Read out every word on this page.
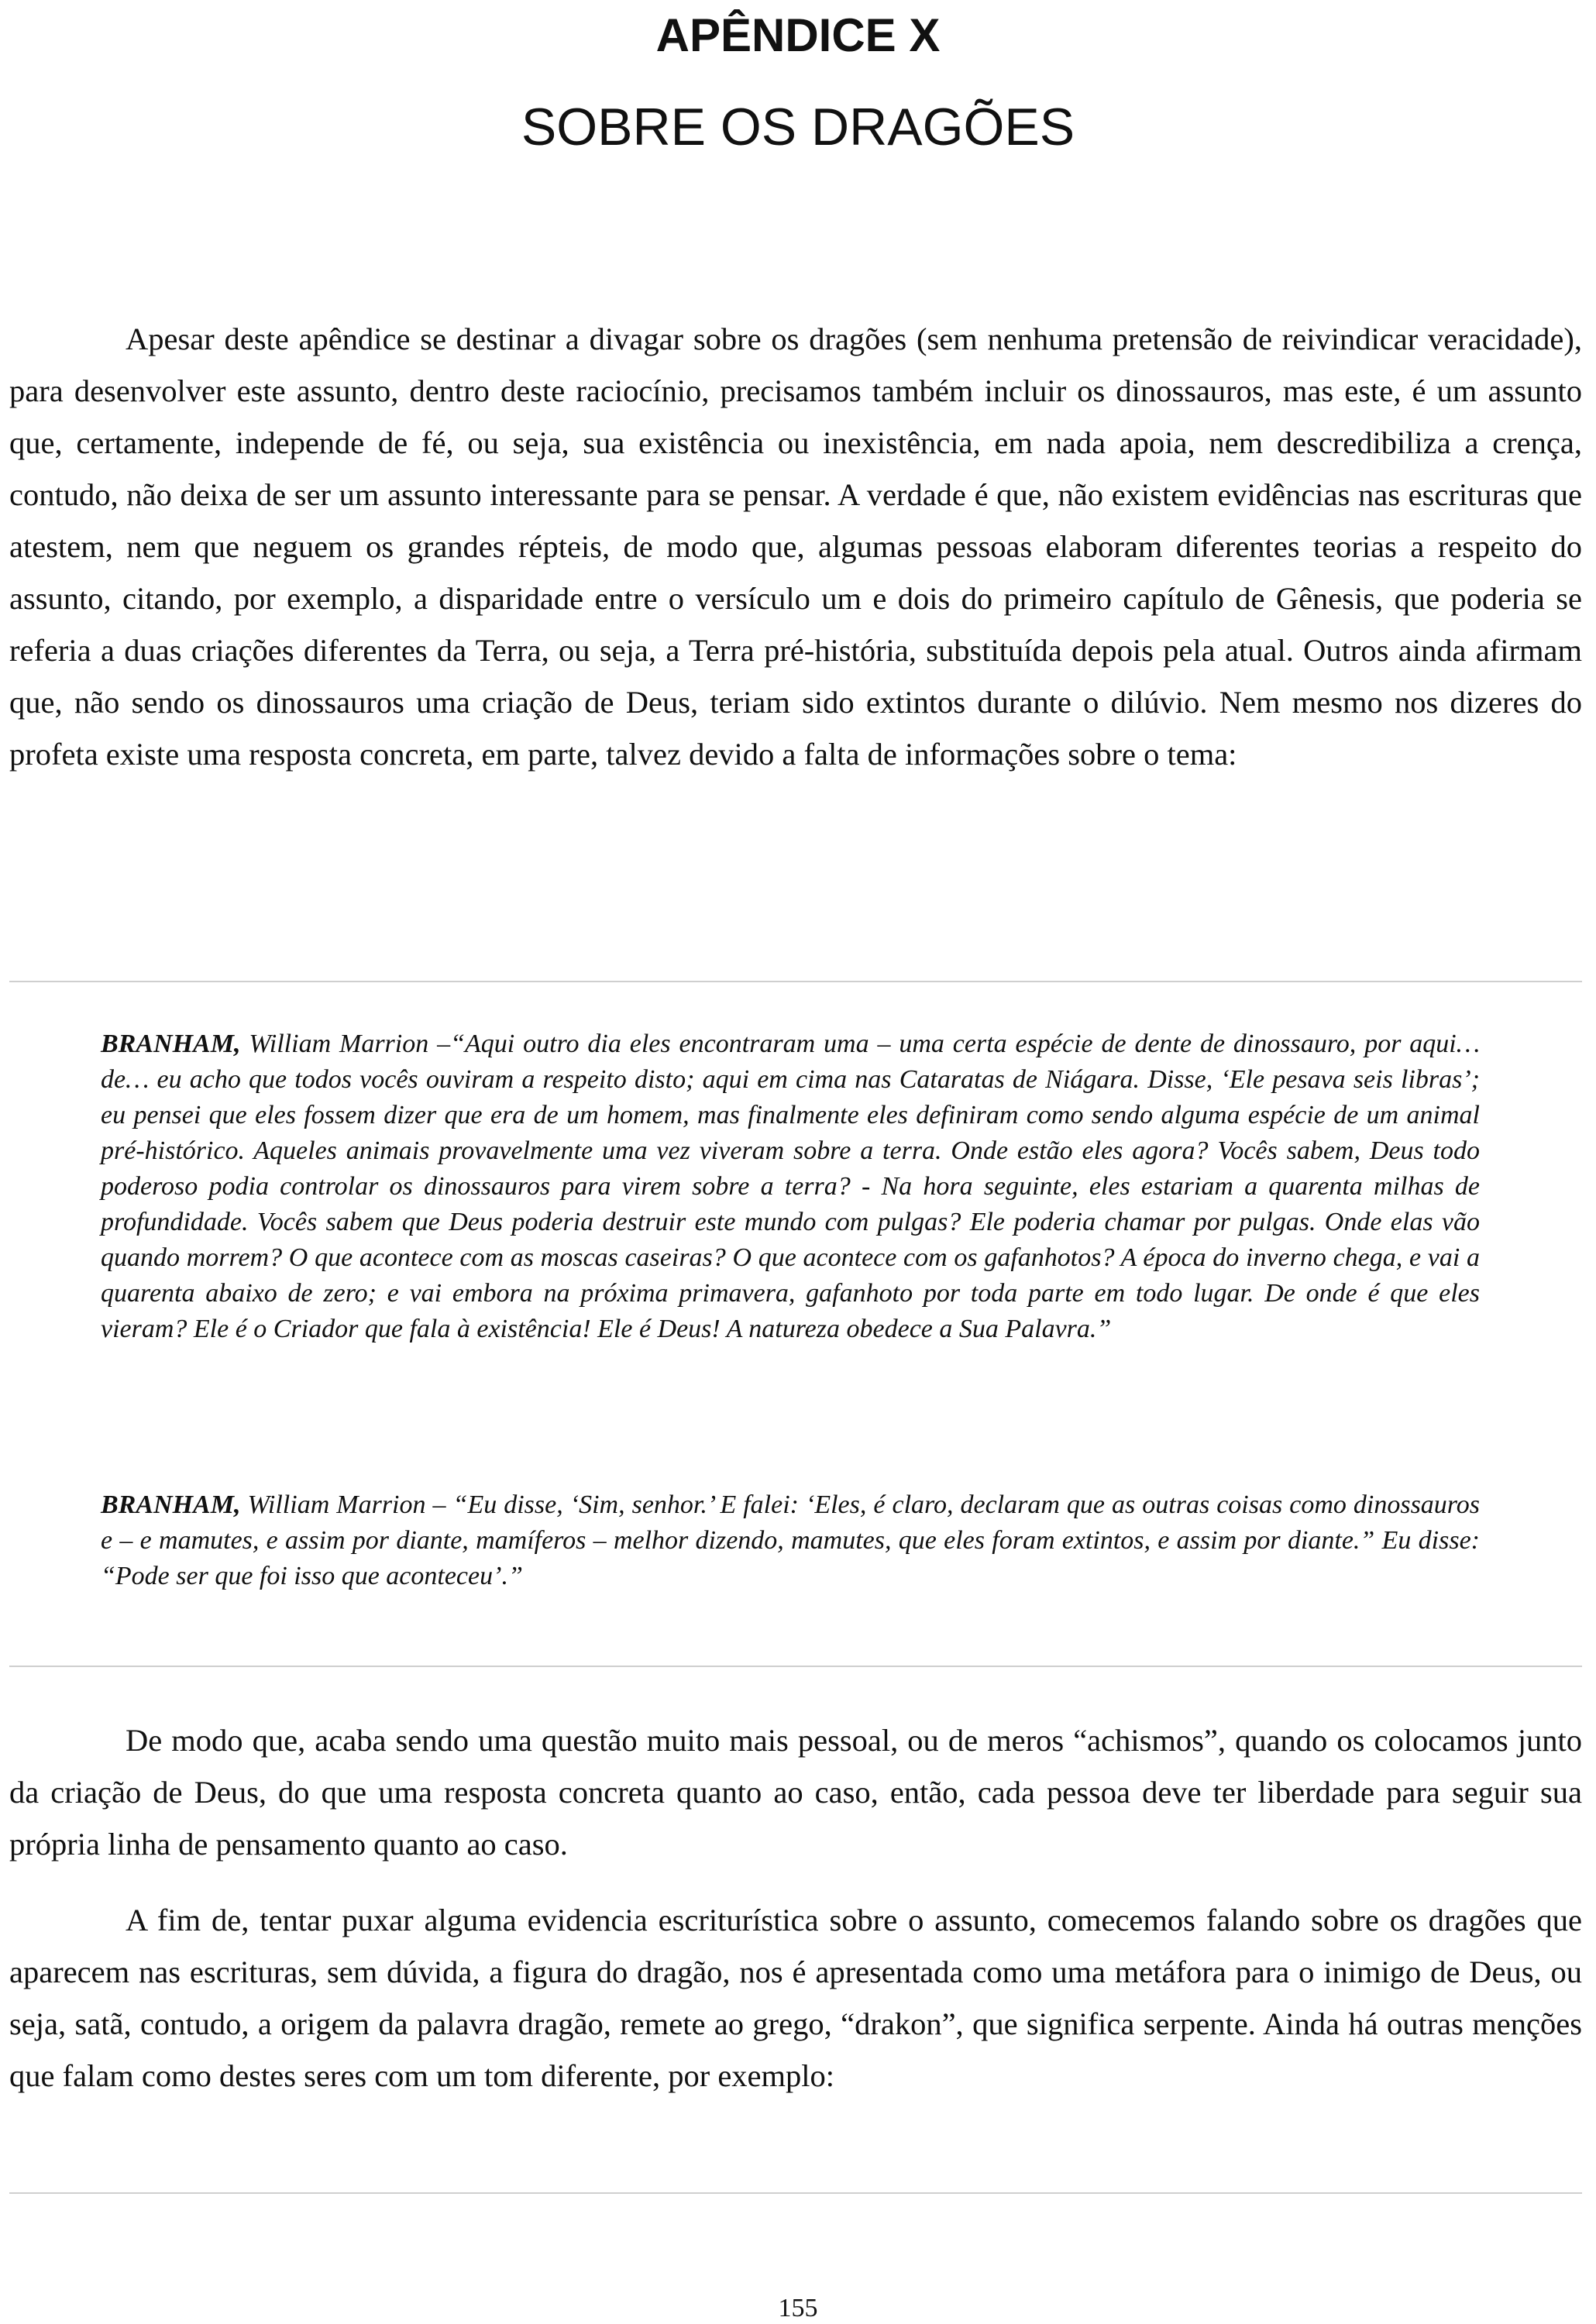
APÊNDICE X
SOBRE OS DRAGÕES

Apesar deste apêndice se destinar a divagar sobre os dragões (sem nenhuma pretensão de reivindicar veracidade), para desenvolver este assunto, dentro deste raciocínio, precisamos também incluir os dinossauros, mas este, é um assunto que, certamente, independe de fé, ou seja, sua existência ou inexistência, em nada apoia, nem descredibiliza a crença, contudo, não deixa de ser um assunto interessante para se pensar. A verdade é que, não existem evidências nas escrituras que atestem, nem que neguem os grandes répteis, de modo que, algumas pessoas elaboram diferentes teorias a respeito do assunto, citando, por exemplo, a disparidade entre o versículo um e dois do primeiro capítulo de Gênesis, que poderia se referia a duas criações diferentes da Terra, ou seja, a Terra pré-história, substituída depois pela atual. Outros ainda afirmam que, não sendo os dinossauros uma criação de Deus, teriam sido extintos durante o dilúvio. Nem mesmo nos dizeres do profeta existe uma resposta concreta, em parte, talvez devido a falta de informações sobre o tema:

BRANHAM, William Marrion –“Aqui outro dia eles encontraram uma – uma certa espécie de dente de dinossauro, por aqui… de… eu acho que todos vocês ouviram a respeito disto; aqui em cima nas Cataratas de Niágara. Disse, ‘Ele pesava seis libras’; eu pensei que eles fossem dizer que era de um homem, mas finalmente eles definiram como sendo alguma espécie de um animal pré-histórico. Aqueles animais provavelmente uma vez viveram sobre a terra. Onde estão eles agora? Vocês sabem, Deus todo poderoso podia controlar os dinossauros para virem sobre a terra? - Na hora seguinte, eles estariam a quarenta milhas de profundidade. Vocês sabem que Deus poderia destruir este mundo com pulgas? Ele poderia chamar por pulgas. Onde elas vão quando morrem? O que acontece com as moscas caseiras? O que acontece com os gafanhotos? A época do inverno chega, e vai a quarenta abaixo de zero; e vai embora na próxima primavera, gafanhoto por toda parte em todo lugar. De onde é que eles vieram? Ele é o Criador que fala à existência! Ele é Deus! A natureza obedece a Sua Palavra.”

BRANHAM, William Marrion – “Eu disse, ‘Sim, senhor.’ E falei: ‘Eles, é claro, declaram que as outras coisas como dinossauros e – e mamutes, e assim por diante, mamíferos – melhor dizendo, mamutes, que eles foram extintos, e assim por diante.” Eu disse: “Pode ser que foi isso que aconteceu’.”

De modo que, acaba sendo uma questão muito mais pessoal, ou de meros “achismos”, quando os colocamos junto da criação de Deus, do que uma resposta concreta quanto ao caso, então, cada pessoa deve ter liberdade para seguir sua própria linha de pensamento quanto ao caso.

A fim de, tentar puxar alguma evidencia escriturística sobre o assunto, comecemos falando sobre os dragões que aparecem nas escrituras, sem dúvida, a figura do dragão, nos é apresentada como uma metáfora para o inimigo de Deus, ou seja, satã, contudo, a origem da palavra dragão, remete ao grego, “drakon”, que significa serpente. Ainda há outras menções que falam como destes seres com um tom diferente, por exemplo:

155
